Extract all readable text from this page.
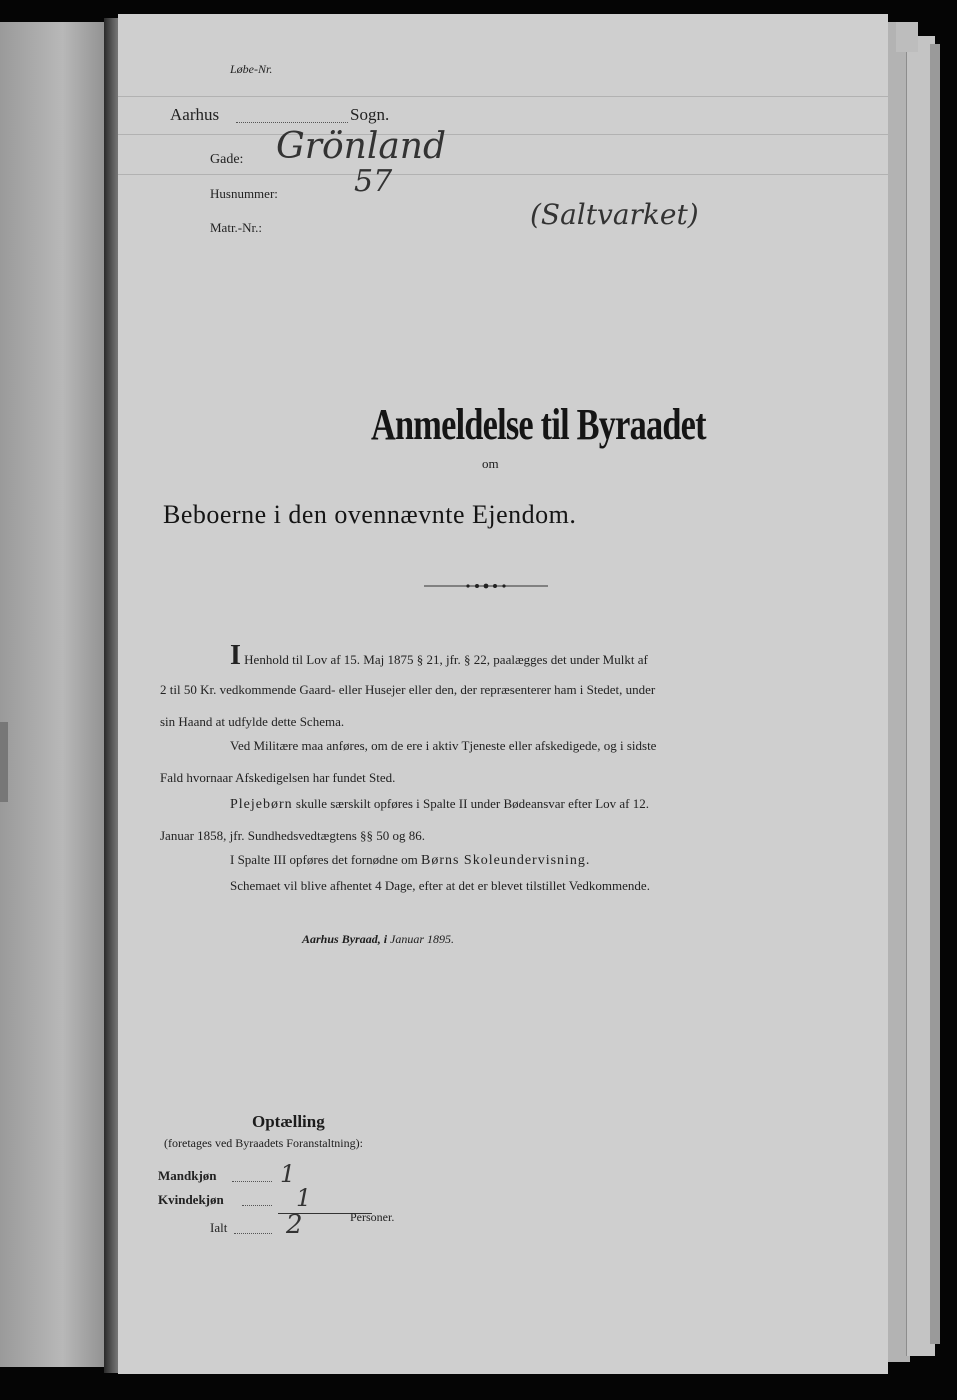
Løbe-Nr.
Aarhus	Sogn.
Gade: Grönland
Husnummer:	57
Matr.-Nr.:	(Saltvarket)
Anmeldelse til Byraadet
om
Beboerne i den ovennævnte Ejendom.
I Henhold til Lov af 15. Maj 1875 § 21, jfr. § 22, paalægges det under Mulkt af
2 til 50 Kr. vedkommende Gaard- eller Husejer eller den, der repræsenterer ham i Stedet, under
sin Haand at udfylde dette Schema.
Ved Militære maa anføres, om de ere i aktiv Tjeneste eller afskedigede, og i sidste
Fald hvornaar Afskedigelsen har fundet Sted.
Plejebørn skulle særskilt opføres i Spalte II under Bødeansvar efter Lov af 12.
Januar 1858, jfr. Sundhedsvedtægtens §§ 50 og 86.
I Spalte III opføres det fornødne om Børns Skoleundervisning.
Schemaet vil blive afhentet 4 Dage, efter at det er blevet tilstillet Vedkommende.
Aarhus Byraad, i Januar 1895.
Optælling
(foretages ved Byraadets Foranstaltning):
Mandkjøn	1
Kvindekjøn	1
Ialt 2	Personer.
